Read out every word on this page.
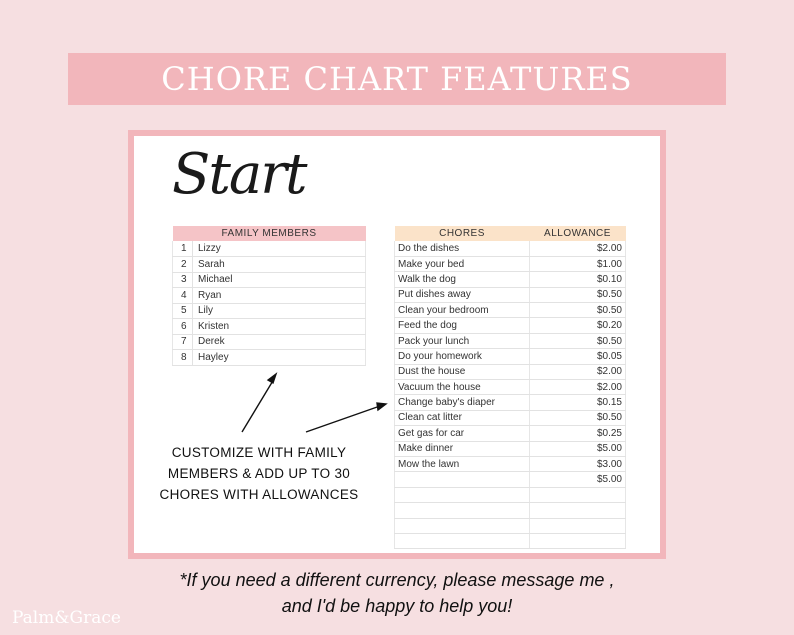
CHORE CHART FEATURES
Start
FAMILY MEMBERS	
1	Lizzy
2	Sarah
3	Michael
4	Ryan
5	Lily
6	Kristen
7	Derek
8	Hayley
CHORES	ALLOWANCE
Do the dishes	$2.00
Make your bed	$1.00
Walk the dog	$0.10
Put dishes away	$0.50
Clean your bedroom	$0.50
Feed the dog	$0.20
Pack your lunch	$0.50
Do your homework	$0.05
Dust the house	$2.00
Vacuum the house	$2.00
Change baby's diaper	$0.15
Clean cat litter	$0.50
Get gas for car	$0.25
Make dinner	$5.00
Mow the lawn	$3.00
	$5.00

CUSTOMIZE WITH FAMILY MEMBERS & ADD UP TO 30 CHORES WITH ALLOWANCES
*If you need a different currency, please message me , and I'd be happy to help you!
Palm&Grace
